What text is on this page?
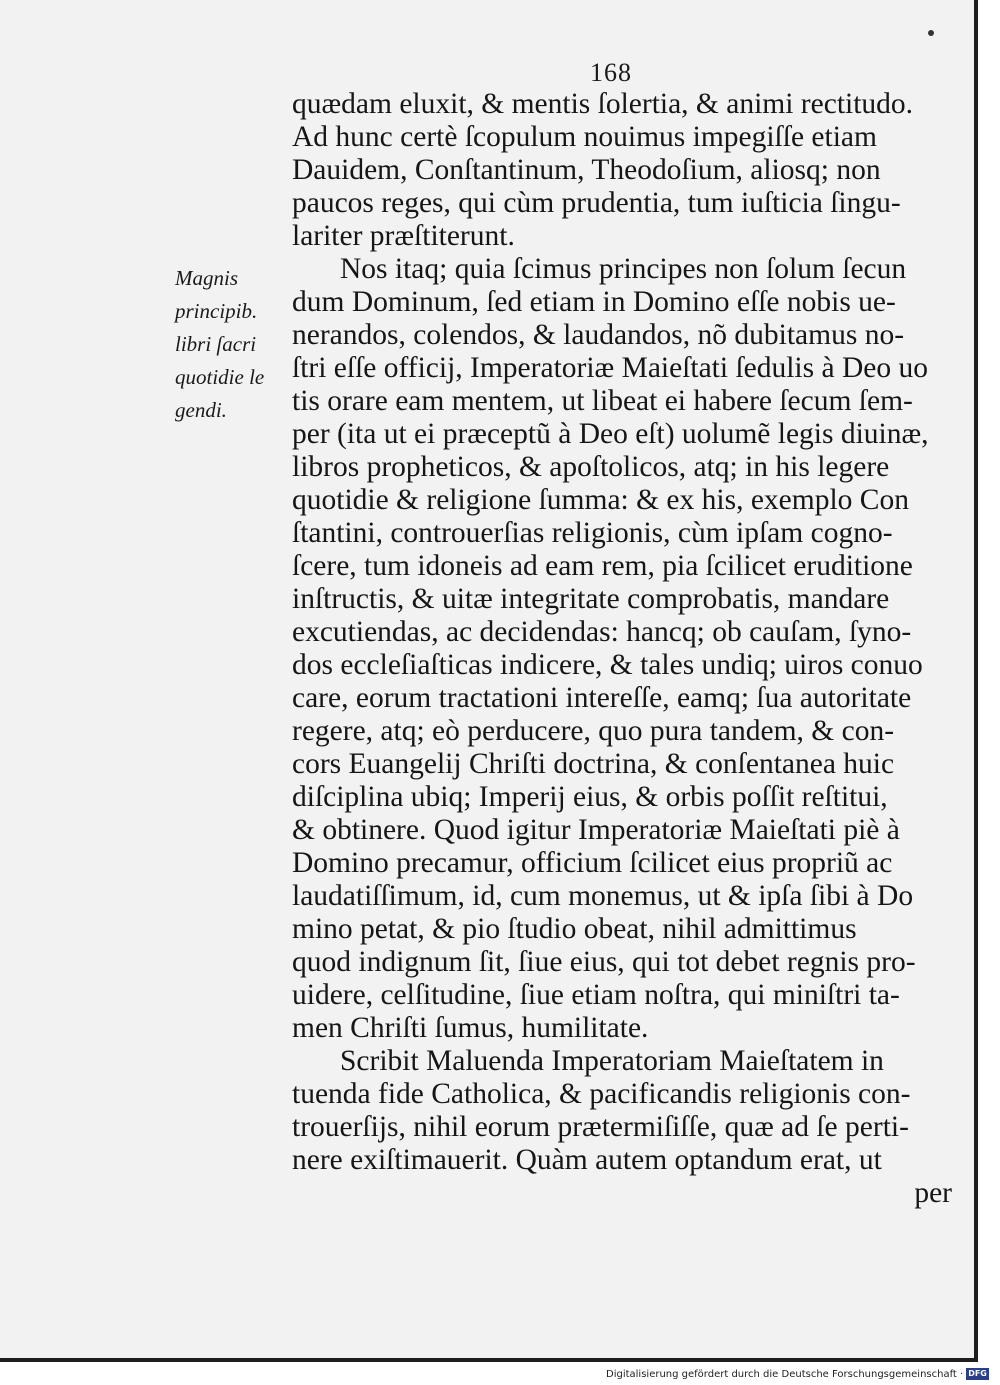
168
Magnis
principib.
libri ſacri
quotidie le
gendi.
quædam eluxit, & mentis ſolertia, & animi rectitudo.
Ad hunc certè ſcopulum nouimus impegiſſe etiam
Dauidem, Conſtantinum, Theodoſium, aliosq; non
paucos reges, qui cùm prudentia, tum iuſticia ſingu-
lariter præſtiterunt.
Nos itaq; quia ſcimus principes non ſolum ſecun
dum Dominum, ſed etiam in Domino eſſe nobis ue-
nerandos, colendos, & laudandos, nõ dubitamus no-
ſtri eſſe officij, Imperatoriæ Maieſtati ſedulis à Deo uo
tis orare eam mentem, ut libeat ei habere ſecum ſem-
per (ita ut ei præceptũ à Deo eſt) uolumẽ legis diuinæ,
libros propheticos, & apoſtolicos, atq; in his legere
quotidie & religione ſumma: & ex his, exemplo Con
ſtantini, controuerſias religionis, cùm ipſam cogno-
ſcere, tum idoneis ad eam rem, pia ſcilicet eruditione
inſtructis, & uitæ integritate comprobatis, mandare
excutiendas, ac decidendas: hancq; ob cauſam, ſyno-
dos eccleſiaſticas indicere, & tales undiq; uiros conuo
care, eorum tractationi intereſſe, eamq; ſua autoritate
regere, atq; eò perducere, quo pura tandem, & con-
cors Euangelij Chriſti doctrina, & conſentanea huic
diſciplina ubiq; Imperij eius, & orbis poſſit reſtitui,
& obtinere. Quod igitur Imperatoriæ Maieſtati piè à
Domino precamur, officium ſcilicet eius propriũ ac
laudatiſſimum, id, cum monemus, ut & ipſa ſibi à Do
mino petat, & pio ſtudio obeat, nihil admittimus
quod indignum ſit, ſiue eius, qui tot debet regnis pro-
uidere, celſitudine, ſiue etiam noſtra, qui miniſtri ta-
men Chriſti ſumus, humilitate.
Scribit Maluenda Imperatoriam Maieſtatem in
tuenda fide Catholica, & pacificandis religionis con-
trouerſijs, nihil eorum prætermiſiſſe, quæ ad ſe perti-
nere exiſtimauerit. Quàm autem optandum erat, ut
per
Digitalisierung gefördert durch die Deutsche Forschungsgemeinschaft · DFG
